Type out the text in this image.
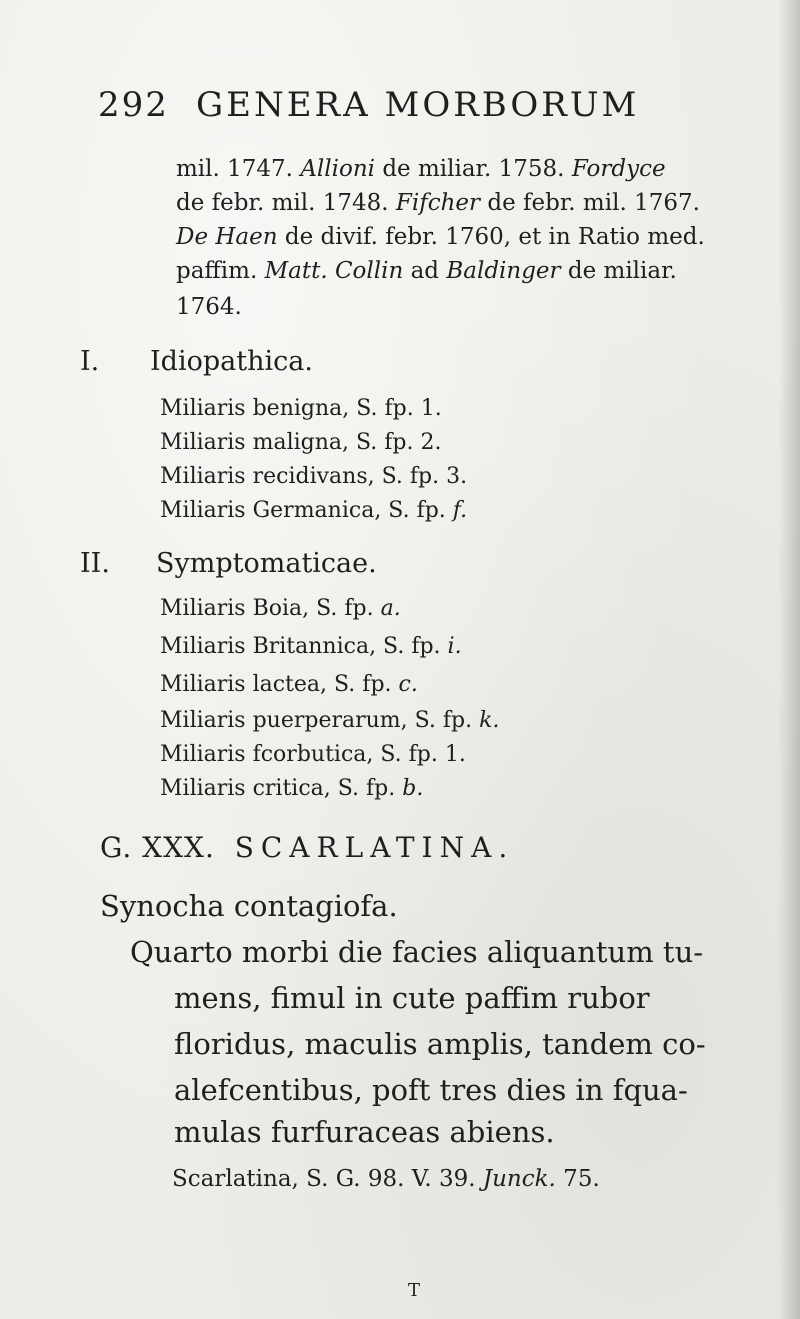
292 GENERA MORBORUM
mil. 1747. Allioni de miliar. 1758. Fordyce
de febr. mil. 1748. Fifcher de febr. mil. 1767.
De Haen de divif. febr. 1760, et in Ratio med.
paffim. Matt. Collin ad Baldinger de miliar.
1764.
I. Idiopathica.
Miliaris benigna, S. fp. 1.
Miliaris maligna, S. fp. 2.
Miliaris recidivans, S. fp. 3.
Miliaris Germanica, S. fp. f.
II. Symptomaticae.
Miliaris Boia, S. fp. a.
Miliaris Britannica, S. fp. i.
Miliaris lactea, S. fp. c.
Miliaris puerperarum, S. fp. k.
Miliaris fcorbutica, S. fp. 1.
Miliaris critica, S. fp. b.
G. XXX. SCARLATINA.
Synocha contagiofa.
Quarto morbi die facies aliquantum tu-
mens, fimul in cute paffim rubor
floridus, maculis amplis, tandem co-
alefcentibus, poft tres dies in fqua-
mulas furfuraceas abiens.
Scarlatina, S. G. 98. V. 39. Junck. 75.
T
